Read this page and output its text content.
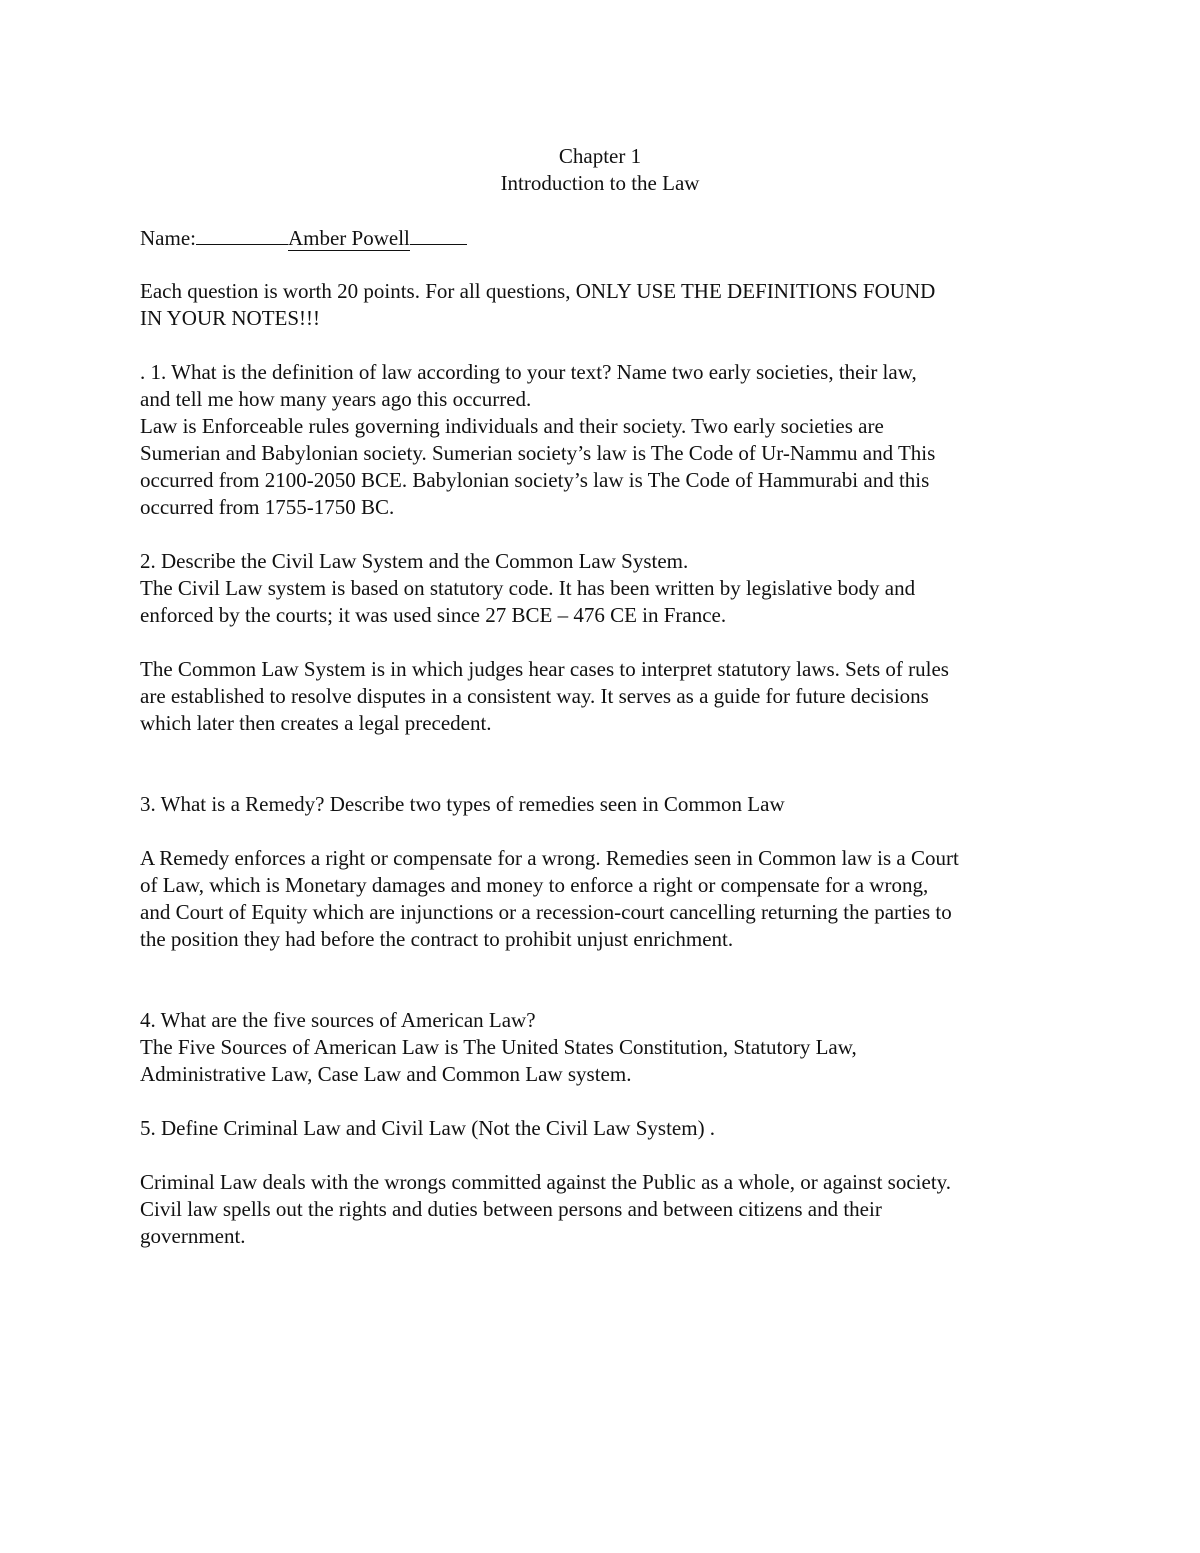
Chapter 1
Introduction to the Law
Name:	Amber Powell
Each question is worth 20 points. For all questions, ONLY USE THE DEFINITIONS FOUND
IN YOUR NOTES!!!
. 1. What is the definition of law according to your text? Name two early societies, their law,
and tell me how many years ago this occurred.
Law is Enforceable rules governing individuals and their society. Two early societies are
Sumerian and Babylonian society. Sumerian society’s law is The Code of Ur-Nammu and This
occurred from 2100-2050 BCE. Babylonian society’s law is The Code of Hammurabi and this
occurred from 1755-1750 BC.
2. Describe the Civil Law System and the Common Law System.
The Civil Law system is based on statutory code. It has been written by legislative body and
enforced by the courts; it was used since 27 BCE – 476 CE in France.
The Common Law System is in which judges hear cases to interpret statutory laws. Sets of rules
are established to resolve disputes in a consistent way. It serves as a guide for future decisions
which later then creates a legal precedent.
3. What is a Remedy? Describe two types of remedies seen in Common Law
A Remedy enforces a right or compensate for a wrong. Remedies seen in Common law is a Court
of Law, which is Monetary damages and money to enforce a right or compensate for a wrong,
and Court of Equity which are injunctions or a recession-court cancelling returning the parties to
the position they had before the contract to prohibit unjust enrichment.
4. What are the five sources of American Law?
The Five Sources of American Law is The United States Constitution, Statutory Law,
Administrative Law, Case Law and Common Law system.
5. Define Criminal Law and Civil Law (Not the Civil Law System) .
Criminal Law deals with the wrongs committed against the Public as a whole, or against society.
Civil law spells out the rights and duties between persons and between citizens and their
government.
